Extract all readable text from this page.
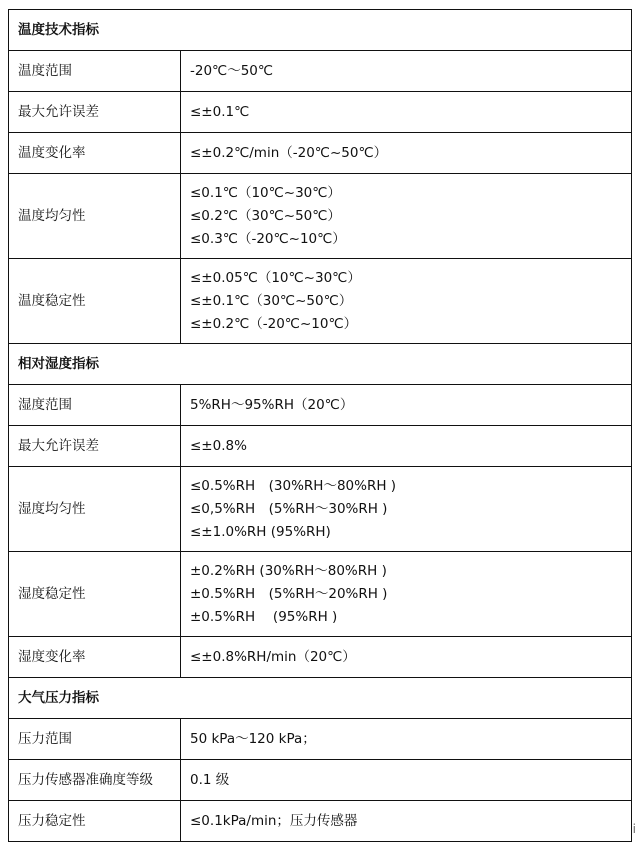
温度技术指标	
温度范围	-20℃～50℃

最大允许误差	≤±0.1℃

温度变化率	≤±0.2℃/min（-20℃~50℃）

温度均匀性	≤0.1℃（10℃~30℃）
≤0.2℃（30℃~50℃）
≤0.3℃（-20℃~10℃）

温度稳定性	≤±0.05℃（10℃~30℃）
≤±0.1℃（30℃~50℃）
≤±0.2℃（-20℃~10℃）

相对湿度指标	
湿度范围	5%RH～95%RH（20℃）

最大允许误差	≤±0.8%

湿度均匀性	≤0.5%RH　(30%RH～80%RH )
≤0,5%RH　(5%RH～30%RH )
≤±1.0%RH (95%RH)

湿度稳定性	±0.2%RH (30%RH～80%RH )
±0.5%RH　(5%RH～20%RH )
±0.5%RH　 (95%RH )

湿度变化率	≤±0.8%RH/min（20℃）

大气压力指标	
压力范围	50 kPa～120 kPa；

压力传感器准确度等级	0.1 级

压力稳定性	≤0.1kPa/min；压力传感器
i
